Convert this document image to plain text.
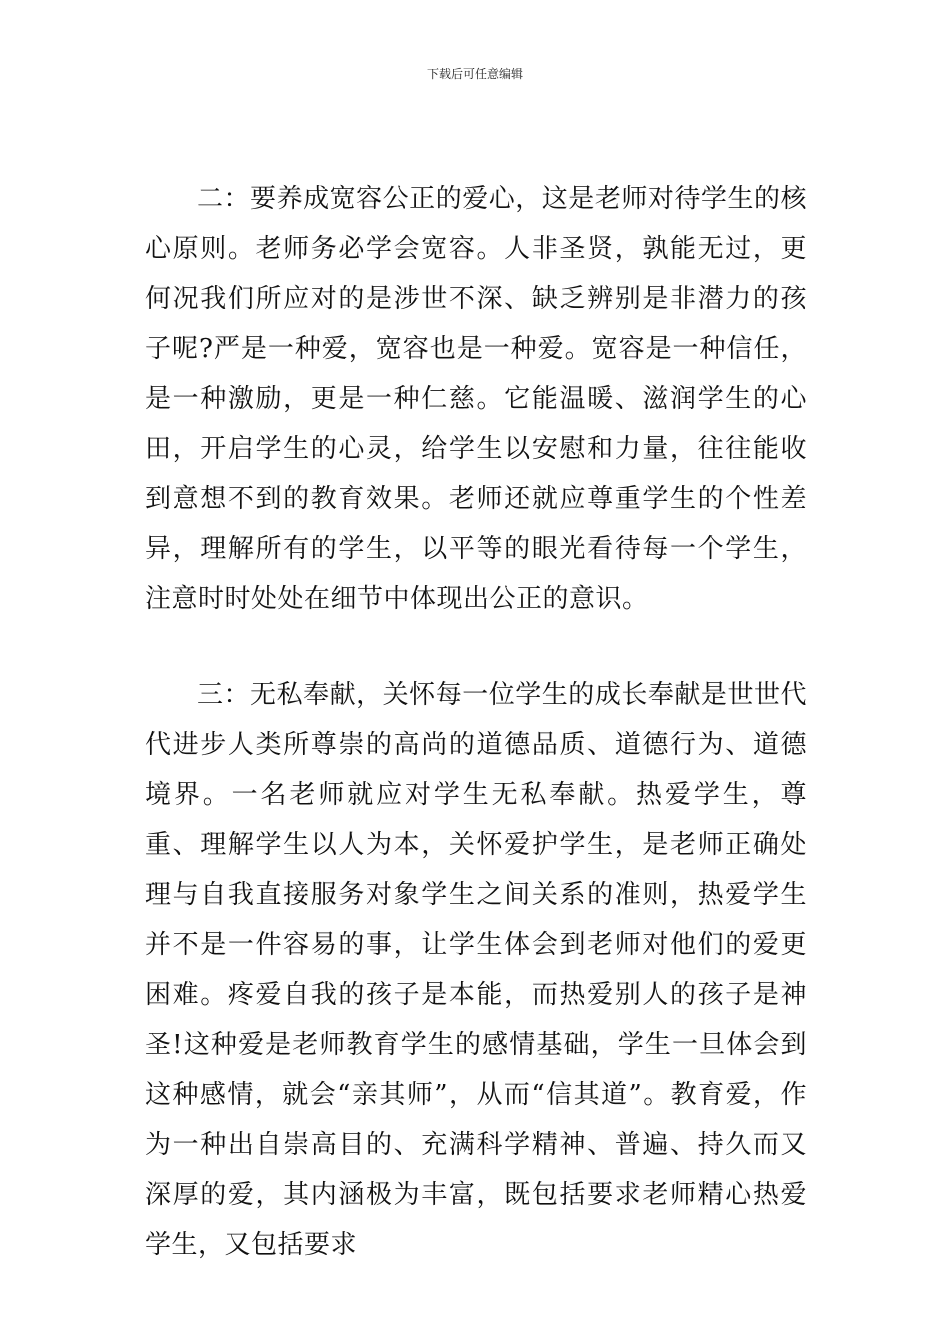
下载后可任意编辑

二：要养成宽容公正的爱心，这是老师对待学生的核心原则。老师务必学会宽容。人非圣贤，孰能无过，更何况我们所应对的是涉世不深、缺乏辨别是非潜力的孩子呢?严是一种爱，宽容也是一种爱。宽容是一种信任，是一种激励，更是一种仁慈。它能温暖、滋润学生的心田，开启学生的心灵，给学生以安慰和力量，往往能收到意想不到的教育效果。老师还就应尊重学生的个性差异，理解所有的学生，以平等的眼光看待每一个学生，注意时时处处在细节中体现出公正的意识。

三：无私奉献，关怀每一位学生的成长奉献是世世代代进步人类所尊崇的高尚的道德品质、道德行为、道德境界。一名老师就应对学生无私奉献。热爱学生，尊重、理解学生以人为本，关怀爱护学生，是老师正确处理与自我直接服务对象学生之间关系的准则，热爱学生并不是一件容易的事，让学生体会到老师对他们的爱更困难。疼爱自我的孩子是本能，而热爱别人的孩子是神圣!这种爱是老师教育学生的感情基础，学生一旦体会到这种感情，就会“亲其师”，从而“信其道”。教育爱，作为一种出自崇高目的、充满科学精神、普遍、持久而又深厚的爱，其内涵极为丰富，既包括要求老师精心热爱学生，又包括要求
